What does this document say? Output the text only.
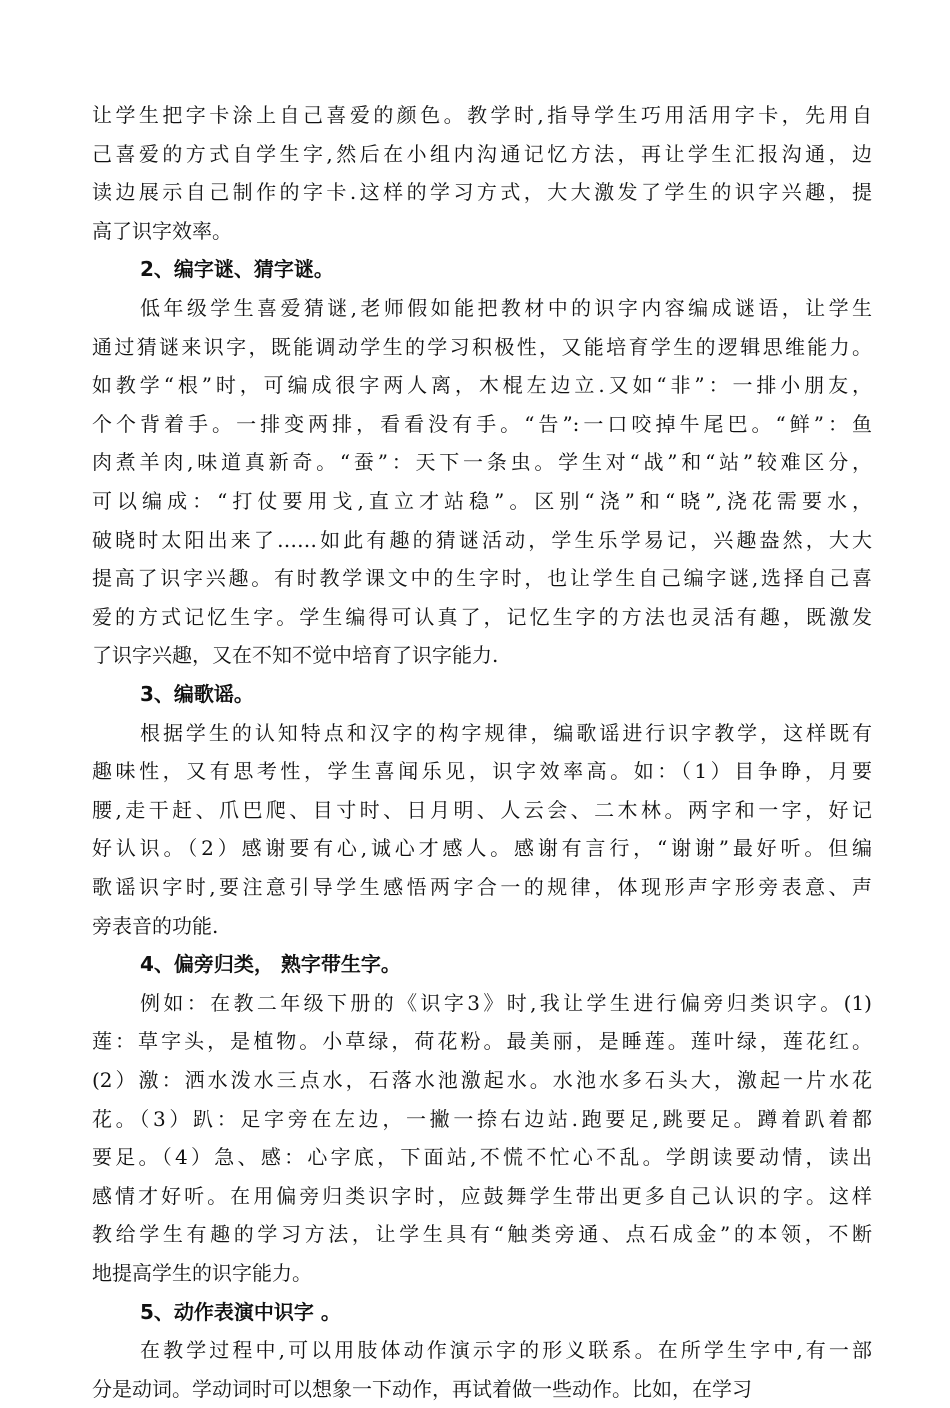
让学生把字卡涂上自己喜爱的颜色。教学时,指导学生巧用活用字卡，先用自
己喜爱的方式自学生字,然后在小组内沟通记忆方法，再让学生汇报沟通，边
读边展示自己制作的字卡.这样的学习方式，大大激发了学生的识字兴趣，提
高了识字效率。
2、编字谜、猜字谜。
低年级学生喜爱猜谜,老师假如能把教材中的识字内容编成谜语，让学生
通过猜谜来识字，既能调动学生的学习积极性，又能培育学生的逻辑思维能力。
如教学“根”时，可编成很字两人离，木棍左边立.又如“非”：一排小朋友，
个个背着手。一排变两排，看看没有手。“告”:一口咬掉牛尾巴。“鲜”：鱼
肉煮羊肉,味道真新奇。“蚕”：天下一条虫。学生对“战”和“站”较难区分，
可以编成：“打仗要用戈,直立才站稳”。区别“浇”和“晓”,浇花需要水，
破晓时太阳出来了……如此有趣的猜谜活动，学生乐学易记，兴趣盎然，大大
提高了识字兴趣。有时教学课文中的生字时，也让学生自己编字谜,选择自己喜
爱的方式记忆生字。学生编得可认真了，记忆生字的方法也灵活有趣，既激发
了识字兴趣，又在不知不觉中培育了识字能力.
3、编歌谣。
根据学生的认知特点和汉字的构字规律，编歌谣进行识字教学，这样既有
趣味性，又有思考性，学生喜闻乐见，识字效率高。如：（1）目争睁，月要
腰,走干赶、爪巴爬、目寸时、日月明、人云会、二木林。两字和一字，好记
好认识。（2）感谢要有心,诚心才感人。感谢有言行，“谢谢”最好听。但编
歌谣识字时,要注意引导学生感悟两字合一的规律，体现形声字形旁表意、声
旁表音的功能.
4、偏旁归类， 熟字带生字。
例如：在教二年级下册的《识字3》时,我让学生进行偏旁归类识字。(1)
莲：草字头，是植物。小草绿，荷花粉。最美丽，是睡莲。莲叶绿，莲花红。
(2）激：洒水泼水三点水，石落水池激起水。水池水多石头大，激起一片水花
花。（3）趴：足字旁在左边，一撇一捺右边站.跑要足,跳要足。蹲着趴着都
要足。（4）急、感：心字底，下面站,不慌不忙心不乱。学朗读要动情，读出
感情才好听。在用偏旁归类识字时，应鼓舞学生带出更多自己认识的字。这样
教给学生有趣的学习方法，让学生具有“触类旁通、点石成金”的本领，不断
地提高学生的识字能力。
5、动作表演中识字 。
在教学过程中,可以用肢体动作演示字的形义联系。在所学生字中,有一部
分是动词。学动词时可以想象一下动作，再试着做一些动作。比如，在学习
